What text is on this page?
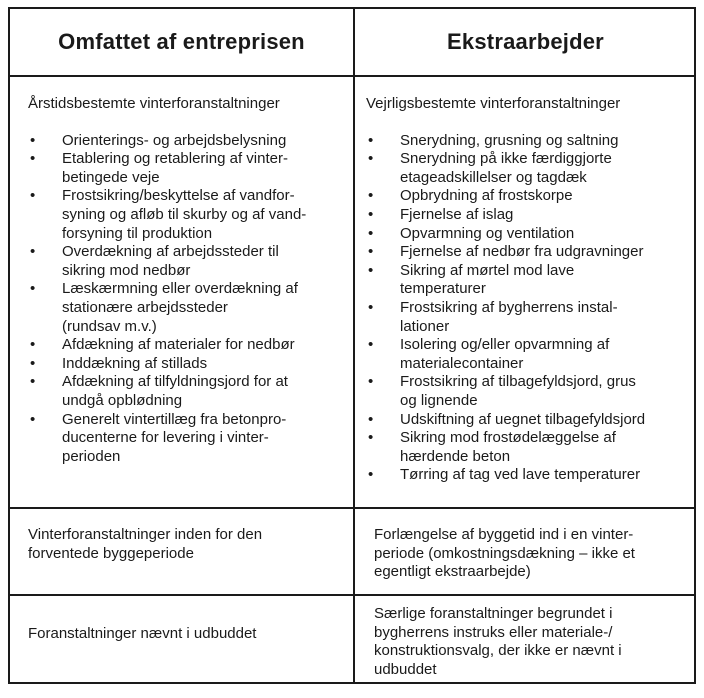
Omfattet af entreprisen	Ekstraarbejder
Årstidsbestemte vinterforanstaltninger
• Orienterings- og arbejdsbelysning
• Etablering og retablering af vinter-
betingede veje
• Frostsikring/beskyttelse af vandfor-
syning og afløb til skurby og af vand-
forsyning til produktion
• Overdækning af arbejdssteder til
sikring mod nedbør
• Læskærmning eller overdækning af
stationære arbejdssteder
(rundsav m.v.)
• Afdækning af materialer for nedbør
• Inddækning af stillads
• Afdækning af tilfyldningsjord for at
undgå opblødning
• Generelt vintertillæg fra betonpro-
ducenterne for levering i vinter-
perioden
Vejrligsbestemte vinterforanstaltninger
• Snerydning, grusning og saltning
• Snerydning på ikke færdiggjorte
etageadskillelser og tagdæk
• Opbrydning af frostskorpe
• Fjernelse af islag
• Opvarmning og ventilation
• Fjernelse af nedbør fra udgravninger
• Sikring af mørtel mod lave
temperaturer
• Frostsikring af bygherrens instal-
lationer
• Isolering og/eller opvarmning af
materialecontainer
• Frostsikring af tilbagefyldsjord, grus
og lignende
• Udskiftning af uegnet tilbagefyldsjord
• Sikring mod frostødelæggelse af
hærdende beton
• Tørring af tag ved lave temperaturer
Vinterforanstaltninger inden for den
forventede byggeperiode
Forlængelse af byggetid ind i en vinter-
periode (omkostningsdækning – ikke et
egentligt ekstraarbejde)
Foranstaltninger nævnt i udbuddet
Særlige foranstaltninger begrundet i
bygherrens instruks eller materiale-/
konstruktionsvalg, der ikke er nævnt i
udbuddet
